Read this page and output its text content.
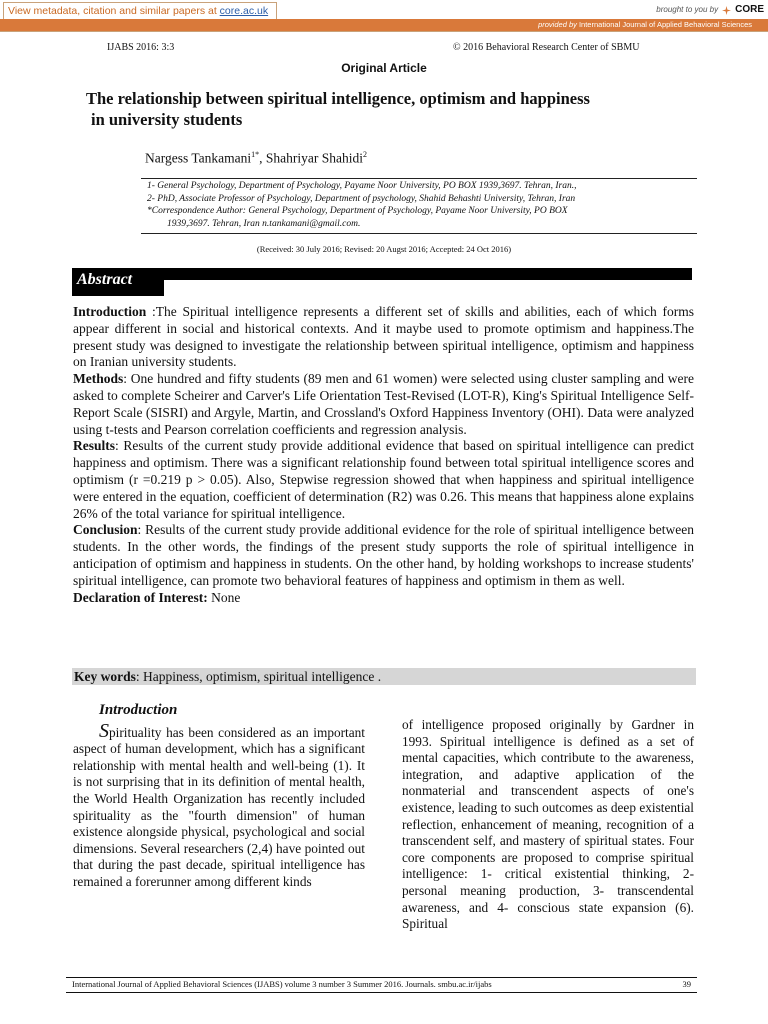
View metadata, citation and similar papers at core.ac.uk	brought to you by CORE
provided by International Journal of Applied Behavioral Sciences
IJABS 2016: 3:3	© 2016 Behavioral Research Center of SBMU
Original Article
The relationship between spiritual intelligence, optimism and happiness
in university students
Nargess Tankamani$^{1*}$, Shahriyar Shahidi$^2$
1- General Psychology, Department of Psychology, Payame Noor University, PO BOX 1939,3697. Tehran, Iran.,
2- PhD, Associate Professor of Psychology, Department of psychology, Shahid Behashti University, Tehran, Iran
*Correspondence Author: General Psychology, Department of Psychology, Payame Noor University, PO BOX
1939,3697. Tehran, Iran n.tankamani@gmail.com.
(Received: 30 July 2016; Revised: 20 Augst 2016; Accepted: 24 Oct 2016)
Abstract

Introduction :The Spiritual intelligence represents a different set of skills and abilities, each of which forms appear different in social and historical contexts. And it maybe used to promote optimism and happiness.The present study was designed to investigate the relationship between spiritual intelligence, optimism and happiness on Iranian university students.

Methods: One hundred and fifty students (89 men and 61 women) were selected using cluster sampling and were asked to complete Scheirer and Carver's Life Orientation Test-Revised (LOT-R), King's Spiritual Intelligence Self-Report Scale (SISRI) and Argyle, Martin, and Crossland's Oxford Happiness Inventory (OHI). Data were analyzed using t-tests and Pearson correlation coefficients and regression analysis.

Results: Results of the current study provide additional evidence that based on spiritual intelligence can predict happiness and optimism. There was a significant relationship found between total spiritual intelligence scores and optimism (r =0.219 p > 0.05). Also, Stepwise regression showed that when happiness and spiritual intelligence were entered in the equation, coefficient of determination (R2) was 0.26. This means that happiness alone explains 26% of the total variance for spiritual intelligence.

Conclusion: Results of the current study provide additional evidence for the role of spiritual intelligence between students. In the other words, the findings of the present study supports the role of spiritual intelligence in anticipation of optimism and happiness in students. On the other hand, by holding workshops to increase students' spiritual intelligence, can promote two behavioral features of happiness and optimism in them as well.

Declaration of Interest: None

Key words: Happiness, optimism, spiritual intelligence .
Introduction

Spirituality has been considered as an important aspect of human development, which has a significant relationship with mental health and well-being (1). It is not surprising that in its definition of mental health, the World Health Organization has recently included spirituality as the "fourth dimension" of human existence alongside physical, psychological and social dimensions. Several researchers (2,4) have pointed out that during the past decade, spiritual intelligence has remained a forerunner among different kinds

of intelligence proposed originally by Gardner in 1993. Spiritual intelligence is defined as a set of mental capacities, which contribute to the awareness, integration, and adaptive application of the nonmaterial and transcendent aspects of one's existence, leading to such outcomes as deep existential reflection, enhancement of meaning, recognition of a transcendent self, and mastery of spiritual states. Four core components are proposed to comprise spiritual intelligence: 1- critical existential thinking, 2- personal meaning production, 3- transcendental awareness, and 4- conscious state expansion (6). Spiritual

International Journal of Applied Behavioral Sciences (IJABS) volume 3 number 3 Summer 2016. Journals. smbu.ac.ir/ijabs	39
